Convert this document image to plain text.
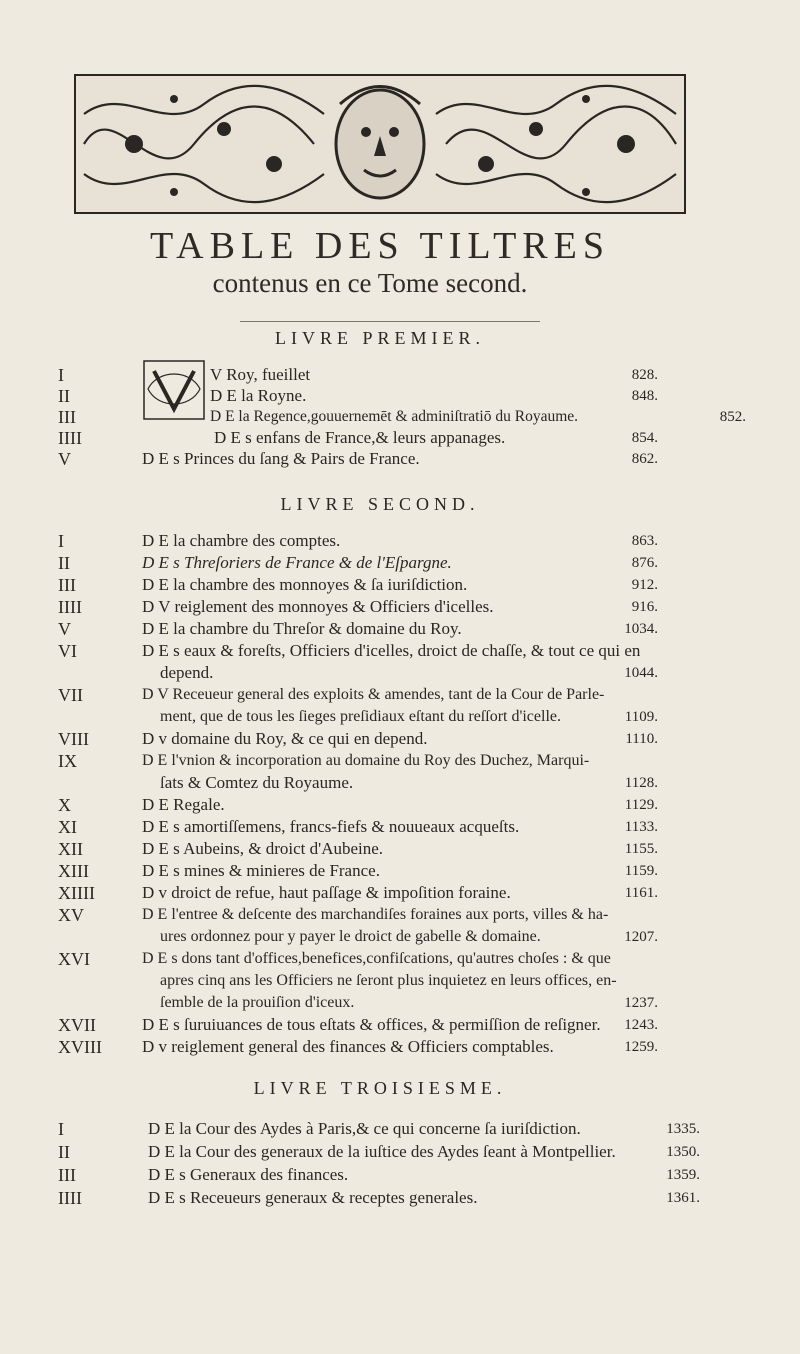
TABLE DES TILTRES
contenus en ce Tome second.
LIVRE PREMIER.
I	V Roy, fueillet	828.
II	D E la Royne.	848.
III	D E la Regence,gouuernemēt & adminiſtratiō du Royaume.	852.
IIII	D E s enfans de France,& leurs appanages.	854.
V	D E s Princes du ſang & Pairs de France.	862.
LIVRE SECOND.
I	D E la chambre des comptes.	863.
II	D E s Threſoriers de France & de l'Eſpargne.	876.
III	D E la chambre des monnoyes & ſa iuriſdiction.	912.
IIII	D V reiglement des monnoyes & Officiers d'icelles.	916.
V	D E la chambre du Threſor & domaine du Roy.	1034.
VI	D E s eaux & foreſts, Officiers d'icelles, droict de chaſſe, & tout ce qui en
depend.	1044.
VII	D V Receueur general des exploits & amendes, tant de la Cour de Parle-
ment, que de tous les ſieges preſidiaux eſtant du reſſort d'icelle.	1109.
VIII	D v domaine du Roy, & ce qui en depend.	1110.
IX	D E l'vnion & incorporation au domaine du Roy des Duchez, Marqui-
ſats & Comtez du Royaume.	1128.
X	D E Regale.	1129.
XI	D E s amortiſſemens, francs-fiefs & nouueaux acqueſts.	1133.
XII	D E s Aubeins, & droict d'Aubeine.	1155.
XIII	D E s mines & minieres de France.	1159.
XIIII	D v droict de refue, haut paſſage & impoſition foraine.	1161.
XV	D E l'entree & deſcente des marchandiſes foraines aux ports, villes & ha-
ures ordonnez pour y payer le droict de gabelle & domaine.	1207.
XVI	D E s dons tant d'offices,benefices,confiſcations, qu'autres choſes : & que
apres cinq ans les Officiers ne ſeront plus inquietez en leurs offices, en-
ſemble de la prouiſion d'iceux.	1237.
XVII	D E s ſuruiuances de tous eſtats & offices, & permiſſion de reſigner.	1243.
XVIII	D v reiglement general des finances & Officiers comptables.	1259.
LIVRE TROISIESME.
I	D E la Cour des Aydes à Paris,& ce qui concerne ſa iuriſdiction.	1335.
II	D E la Cour des generaux de la iuſtice des Aydes ſeant à Montpellier.	1350.
III	D E s Generaux des finances.	1359.
IIII	D E s Receueurs generaux & receptes generales.	1361.
